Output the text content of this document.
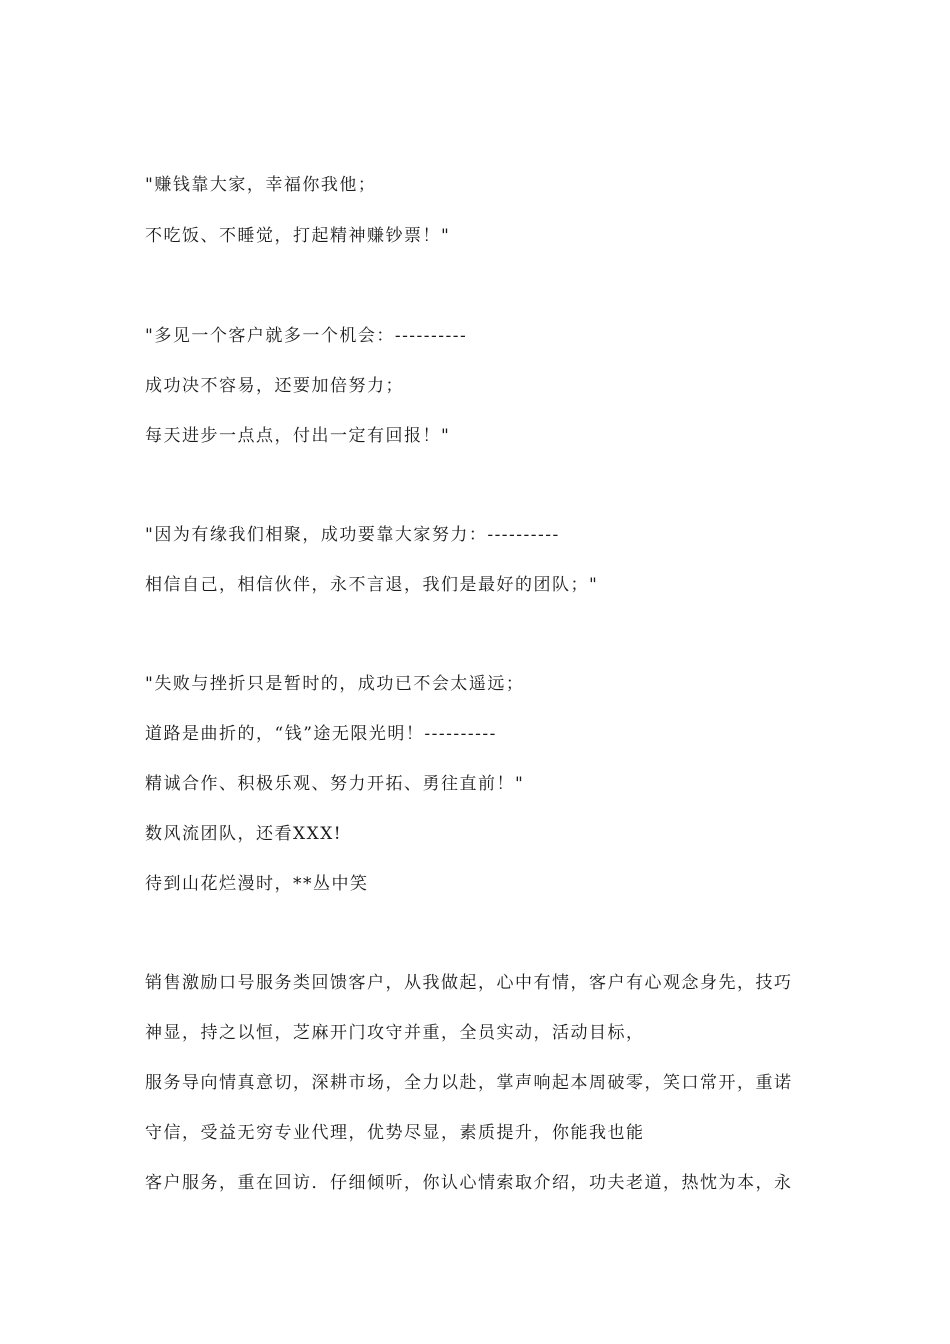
"赚钱靠大家，幸福你我他；
不吃饭、不睡觉，打起精神赚钞票！"
"多见一个客户就多一个机会：----------
成功决不容易，还要加倍努力；
每天进步一点点，付出一定有回报！"
"因为有缘我们相聚，成功要靠大家努力：----------
相信自己，相信伙伴，永不言退，我们是最好的团队；"
"失败与挫折只是暂时的，成功已不会太遥远；
道路是曲折的，“钱”途无限光明！----------
精诚合作、积极乐观、努力开拓、勇往直前！"
数风流团队，还看XXX!
待到山花烂漫时，**丛中笑
销售激励口号服务类回馈客户，从我做起，心中有情，客户有心观念身先，技巧
神显，持之以恒，芝麻开门攻守并重，全员实动，活动目标，
服务导向情真意切，深耕市场，全力以赴，掌声响起本周破零，笑口常开，重诺
守信，受益无穷专业代理，优势尽显，素质提升，你能我也能
客户服务，重在回访．仔细倾听，你认心情索取介绍，功夫老道，热忱为本，永
